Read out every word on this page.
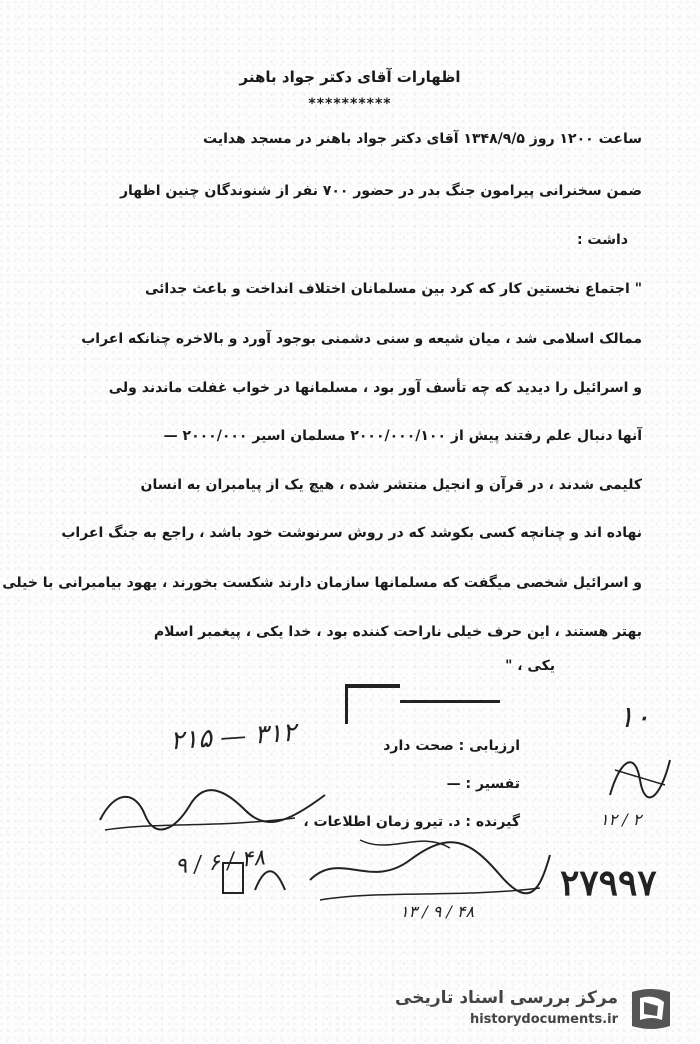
اظهارات آقای دکتر جواد باهنر
**********
ساعت ۱۲۰۰ روز ۱۳۴۸/۹/۵ آقای دکتر جواد باهنر در مسجد هدایت
ضمن سخنرانی پیرامون جنگ بدر در حضور ۷۰۰ نفر از شنوندگان چنین اظهار
داشت :
" اجتماع نخستین کار که کرد بین مسلمانان اختلاف انداخت و باعث جدائی
ممالک اسلامی شد ، میان شیعه و سنی دشمنی بوجود آورد و بالاخره چنانکه اعراب
و اسرائیل را دیدید که چه تأسف آور بود ، مسلمانها در خواب غفلت ماندند ولی
آنها دنبال علم رفتند پیش از ۲۰۰۰/۰۰۰/۱۰۰ مسلمان اسیر ۲۰۰۰/۰۰۰ —
کلیمی شدند ، در قرآن و انجیل منتشر شده ، هیچ یک از پیامبران به انسان
نهاده اند و چنانچه کسی بکوشد که در روش سرنوشت خود باشد ، راجع به جنگ اعراب
و اسرائیل شخصی میگفت که مسلمانها سازمان دارند شکست بخورند ، یهود بیامبرانی با خیلی
بهتر هستند ، این حرف خیلی ناراحت کننده بود ، خدا یکی ، پیغمبر اسلام
یکی ، "
ارزیابی : صحت دارد
تفسیر : —
گیرنده : د. تیرو زمان اطلاعات ،
۲۱۵ — ۳۱۲
۱۰
۱۲ / ۲
۹ / ۶ / ۴۸
۱۳ / ۹ / ۴۸
۲۷۹۹۷
مرکز بررسی اسناد تاریخی
historydocuments.ir
